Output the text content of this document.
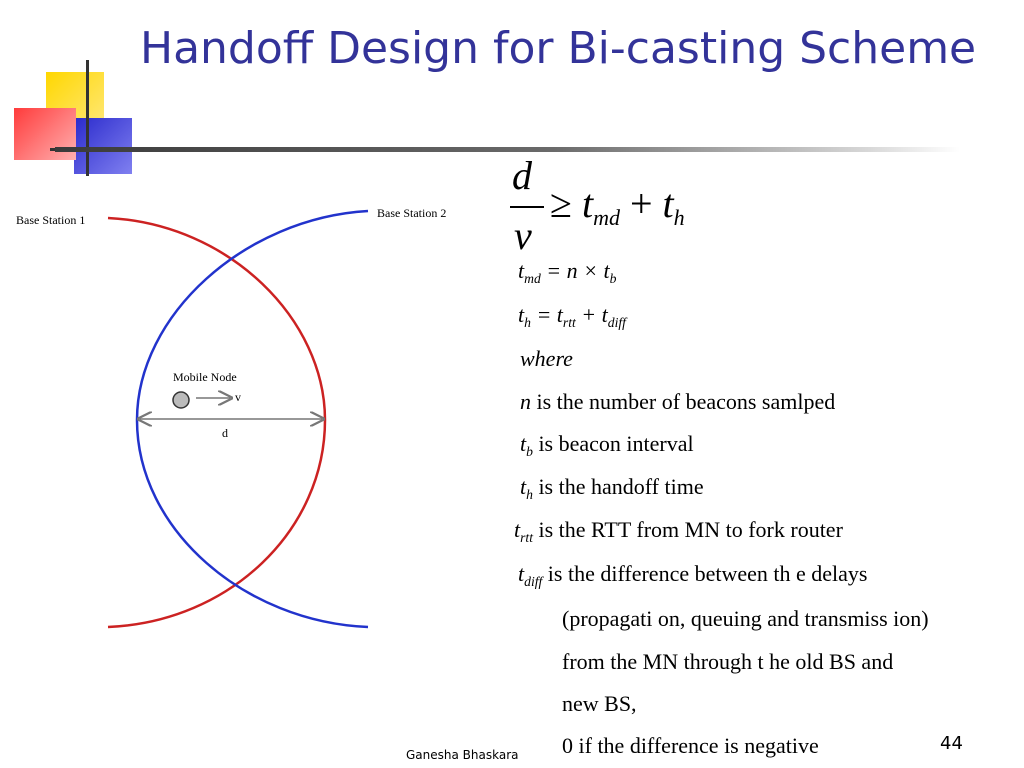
Handoff Design for Bi-casting Scheme
Base Station 1	Base Station 2
Mobile Node
v
d
d
v
≥ tmd + th
$t_{md} = n \times t_b$
$t_h = t_{rtt} + t_{diff}$
where
n is the number of beacons samlped
$t_b$ is beacon interval
$t_h$ is the handoff time
$t_{rtt}$ is the RTT from MN to fork router
$t_{diff}$ is the difference between th e delays
(propagati on, queuing and transmiss ion)
from the MN through t he old BS and
new BS,
0 if the difference is negative
Ganesha Bhaskara
44
